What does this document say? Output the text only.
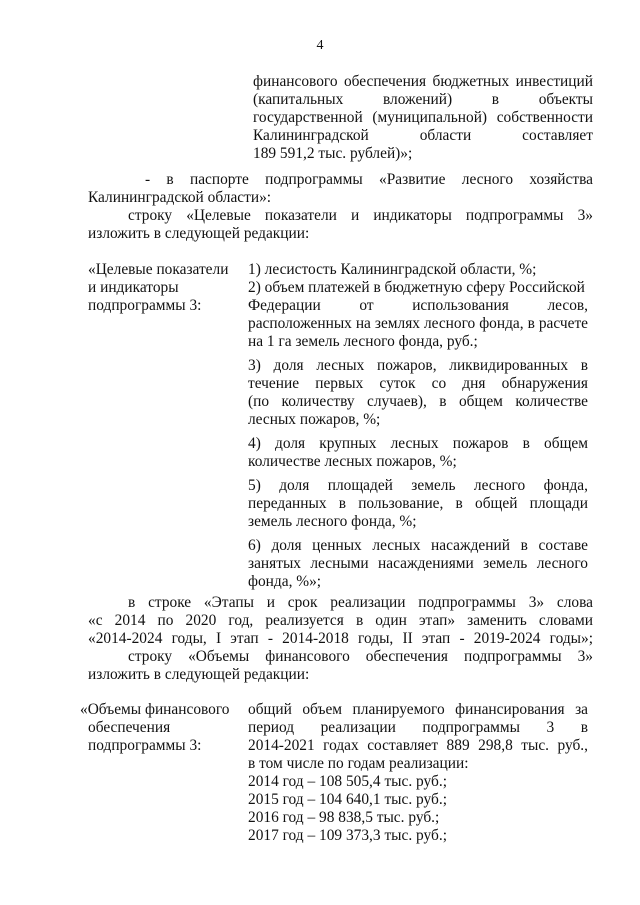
4
финансового обеспечения бюджетных инвестиций
(капитальных вложений) в объекты
государственной (муниципальной) собственности
Калининградской области составляет
189 591,2 тыс. рублей)»;
- в паспорте подпрограммы «Развитие лесного хозяйства
Калининградской области»:
строку «Целевые показатели и индикаторы подпрограммы 3»
изложить в следующей редакции:
«Целевые показатели
и индикаторы
подпрограммы 3:
1) лесистость Калининградской области, %;
2) объем платежей в бюджетную сферу Российской
Федерации от использования лесов,
расположенных на землях лесного фонда, в расчете
на 1 га земель лесного фонда, руб.;
3) доля лесных пожаров, ликвидированных в
течение первых суток со дня обнаружения
(по количеству случаев), в общем количестве
лесных пожаров, %;
4) доля крупных лесных пожаров в общем
количестве лесных пожаров, %;
5) доля площадей земель лесного фонда,
переданных в пользование, в общей площади
земель лесного фонда, %;
6) доля ценных лесных насаждений в составе
занятых лесными насаждениями земель лесного
фонда, %»;
в строке «Этапы и срок реализации подпрограммы 3» слова
«с 2014 по 2020 год, реализуется в один этап» заменить словами
«2014-2024 годы, I этап - 2014-2018 годы, II этап - 2019-2024 годы»;
строку «Объемы финансового обеспечения подпрограммы 3»
изложить в следующей редакции:
«Объемы финансового
обеспечения
подпрограммы 3:
общий объем планируемого финансирования за
период реализации подпрограммы 3 в
2014-2021 годах составляет 889 298,8 тыс. руб.,
в том числе по годам реализации:
2014 год – 108 505,4 тыс. руб.;
2015 год – 104 640,1 тыс. руб.;
2016 год – 98 838,5 тыс. руб.;
2017 год – 109 373,3 тыс. руб.;
